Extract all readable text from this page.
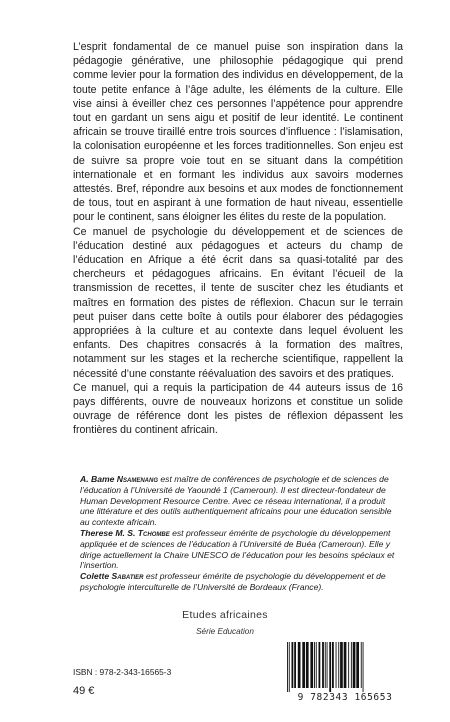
L’esprit fondamental de ce manuel puise son inspiration dans la pédagogie générative, une philosophie pédagogique qui prend comme levier pour la formation des individus en développement, de la toute petite enfance à l’âge adulte, les éléments de la culture. Elle vise ainsi à éveiller chez ces personnes l’appétence pour apprendre tout en gardant un sens aigu et positif de leur identité. Le continent africain se trouve tiraillé entre trois sources d’influence : l’islamisation, la colonisation européenne et les forces traditionnelles. Son enjeu est de suivre sa propre voie tout en se situant dans la compétition internationale et en formant les individus aux savoirs modernes attestés. Bref, répondre aux besoins et aux modes de fonctionnement de tous, tout en aspirant à une formation de haut niveau, essentielle pour le continent, sans éloigner les élites du reste de la population.

Ce manuel de psychologie du développement et de sciences de l’éducation destiné aux pédagogues et acteurs du champ de l’éducation en Afrique a été écrit dans sa quasi-totalité par des chercheurs et pédagogues africains. En évitant l’écueil de la transmission de recettes, il tente de susciter chez les étudiants et maîtres en formation des pistes de réflexion. Chacun sur le terrain peut puiser dans cette boîte à outils pour élaborer des pédagogies appropriées à la culture et au contexte dans lequel évoluent les enfants. Des chapitres consacrés à la formation des maîtres, notamment sur les stages et la recherche scientifique, rappellent la nécessité d’une constante réévaluation des savoirs et des pratiques.

Ce manuel, qui a requis la participation de 44 auteurs issus de 16 pays différents, ouvre de nouveaux horizons et constitue un solide ouvrage de référence dont les pistes de réflexion dépassent les frontières du continent africain.

A. Bame Nsamenang est maître de conférences de psychologie et de sciences de l’éducation à l’Université de Yaoundé 1 (Cameroun). Il est directeur-fondateur de Human Development Resource Centre. Avec ce réseau international, il a produit une littérature et des outils authentiquement africains pour une éducation sensible au contexte africain.

Therese M. S. Tchombe est professeur émérite de psychologie du développement appliquée et de sciences de l’éducation à l’Université de Buéa (Cameroun). Elle y dirige actuellement la Chaire UNESCO de l’éducation pour les besoins spéciaux et l’insertion.

Colette Sabatier est professeur émérite de psychologie du développement et de psychologie interculturelle de l’Université de Bordeaux (France).

Etudes africaines
Série Education
ISBN : 978-2-343-16565-3
49 €
9 782343 165653
